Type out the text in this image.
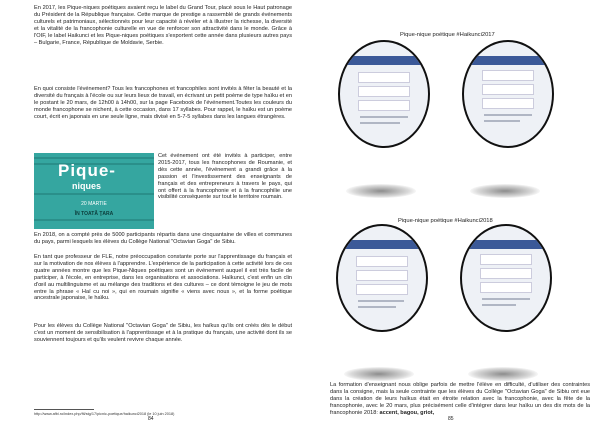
En 2017, les Pique-niques poétiques avaient reçu le label du Grand Tour, placé sous le Haut patronage du Président de la République française. Cette marque de prestige a rassemblé de grands événements culturels et patrimoniaux, sélectionnés pour leur capacité à révéler et à illustrer la richesse, la diversité et la vitalité de la francophonie culturelle en vue de renforcer son attractivité dans le monde. Grâce à l'OIF, le label Haikunci et les Pique-niques poétiques s'exportent cette année dans plusieurs autres pays – Bulgarie, France, République de Moldavie, Serbie.

En quoi consiste l'événement? Tous les francophones et francophiles sont invités à fêter la beauté et la diversité du français à l'école ou sur leurs lieux de travail, en écrivant un petit poème de type haïku et en le postant le 20 mars, de 12h00 à 14h00, sur la page Facebook de l'événement.Toutes les couleurs du monde francophone se nichent, à cette occasion, dans 17 syllabes. Pour rappel, le haïku est un poème court, écrit en japonais en une seule ligne, mais divisé en 5-7-5 syllabes dans les langues étrangères.

Pique-
niques
20 MARTIE
ÎN TOATĂ ŢARA

Cet événement ont été invités à participer, entre 2015-2017, tous les francophones de Roumanie, et dès cette année, l'événement a grandi grâce à la passion et l'investissement des enseignants de français et des entrepreneurs à travers le pays, qui ont offert à la francophonie et à la francophilie une visibilité conséquente sur tout le territoire roumain.

En 2018, on a compté près de 5000 participants répartis dans une cinquantaine de villes et communes du pays, parmi lesquels les élèves du Collège National "Octavian Goga" de Sibiu.

En tant que professeur de FLE, notre préoccupation constante porte sur l'apprentissage du français et sur la motivation de nos élèves à l'apprendre. L'expérience de la participation à cette activité lors de ces quatre années montre que les Pique-Niques poétiques sont un événement auquel il est très facile de participer, à l'école, en entreprise, dans les organisations et associations. Haïkunci, c'est enfin un clin d'œil au multilinguisme et au mélange des traditions et des cultures – ce dont témoigne le jeu de mots entre la phrase « Haï cu noi », qui en roumain signifie « viens avec nous », et la forme poétique ancestrale japonaise, le haïku.

Pour les élèves du Collège National "Octavian Goga" de Sibiu, les haïkus qu'ils ont créés dès le début c'est un moment de sensibilisation à l'apprentissage et à la pratique du français, une activité dont ils se souviennent toujours et qu'ils veulent revivre chaque année.

http://www.afbi.ro/index.php/ftl/stg/17/picnic-poetique/haikunci2018 (le 10 juin 2018)
84
Pique-nique poétique #Haikunci2017
Pique-nique poétique #Haikunci2018

La formation d'enseignant nous oblige parfois de mettre l'élève en difficulté, d'utiliser des contraintes dans la consigne, mais la seule contrainte que les élèves du Collège "Octavian Goga" de Sibiu ont eue dans la création de leurs haïkus était en étroite relation avec la francophonie, avec la fête de la francophonie, avec le 20 mars, plus précisément celle d'intégrer dans leur haïku un des dix mots de la francophonie 2018: accent, bagou, griot,

85
